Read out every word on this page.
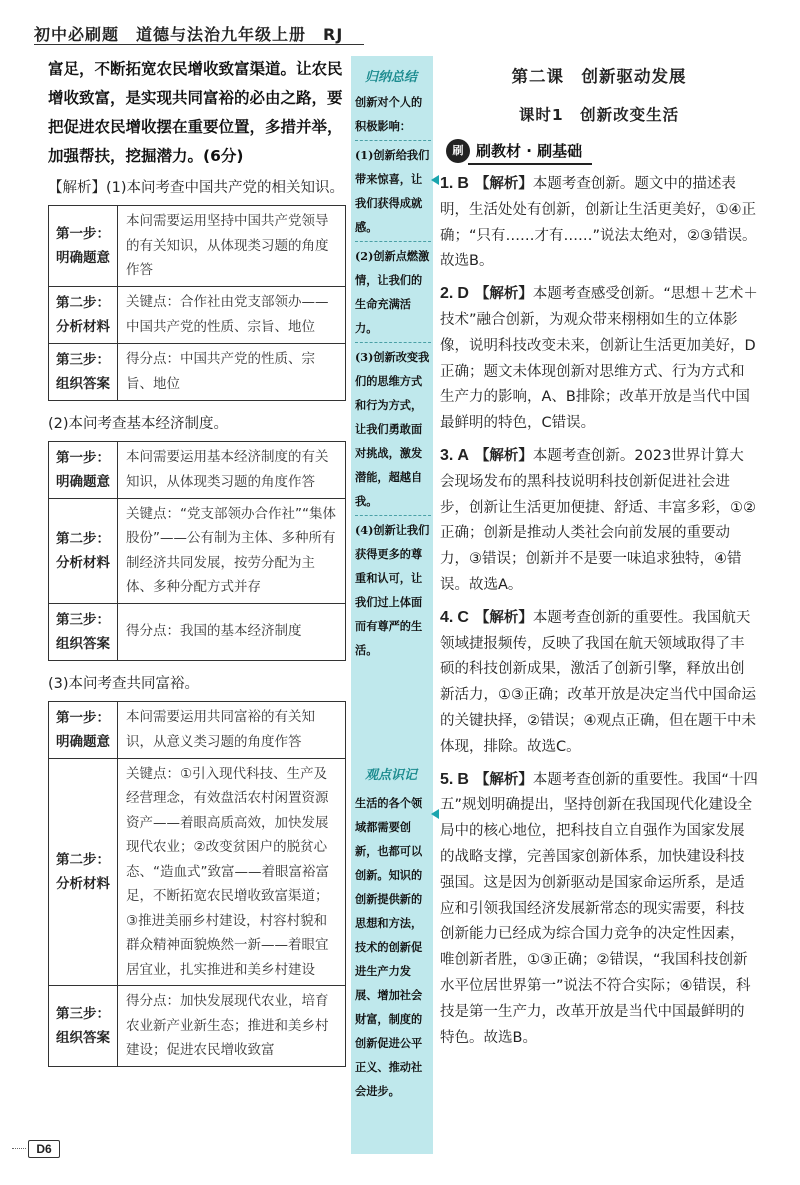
初中必刷题　道德与法治九年级上册　RJ
富足，不断拓宽农民增收致富渠道。让农民增收致富，是实现共同富裕的必由之路，要把促进农民增收摆在重要位置，多措并举，加强帮扶，挖掘潜力。(6分)
【解析】(1)本问考查中国共产党的相关知识。
第一步：
明确题意	本问需要运用坚持中国共产党领导的有关知识，从体现类习题的角度作答

第二步：
分析材料	关键点：合作社由党支部领办——中国共产党的性质、宗旨、地位

第三步：
组织答案	得分点：中国共产党的性质、宗旨、地位
(2)本问考查基本经济制度。
第一步：
明确题意	本问需要运用基本经济制度的有关知识，从体现类习题的角度作答

第二步：
分析材料	关键点：“党支部领办合作社”“集体股份”——公有制为主体、多种所有制经济共同发展，按劳分配为主体、多种分配方式并存

第三步：
组织答案	得分点：我国的基本经济制度
(3)本问考查共同富裕。
第一步：
明确题意	本问需要运用共同富裕的有关知识，从意义类习题的角度作答

第二步：
分析材料	关键点：①引入现代科技、生产及经营理念，有效盘活农村闲置资源资产——着眼高质高效，加快发展现代农业；②改变贫困户的脱贫心态、“造血式”致富——着眼富裕富足，不断拓宽农民增收致富渠道；③推进美丽乡村建设，村容村貌和群众精神面貌焕然一新——着眼宜居宜业，扎实推进和美乡村建设

第三步：
组织答案	得分点：加快发展现代农业，培育农业新产业新生态；推进和美乡村建设；促进农民增收致富
归纳总结
创新对个人的积极影响：
(1)创新给我们带来惊喜，让我们获得成就感。
(2)创新点燃激情，让我们的生命充满活力。
(3)创新改变我们的思维方式和行为方式，让我们勇敢面对挑战，激发潜能，超越自我。
(4)创新让我们获得更多的尊重和认可，让我们过上体面而有尊严的生活。
观点识记
生活的各个领域都需要创新，也都可以创新。知识的创新提供新的思想和方法，技术的创新促进生产力发展、增加社会财富，制度的创新促进公平正义、推动社会进步。
第二课　创新驱动发展
课时1　创新改变生活
刷 刷教材 · 刷基础
1. B 【解析】本题考查创新。题文中的描述表明，生活处处有创新，创新让生活更美好，①④正确；“只有……才有……”说法太绝对，②③错误。故选B。
2. D 【解析】本题考查感受创新。“思想＋艺术＋技术”融合创新，为观众带来栩栩如生的立体影像，说明科技改变未来，创新让生活更加美好，D正确；题文未体现创新对思维方式、行为方式和生产力的影响，A、B排除；改革开放是当代中国最鲜明的特色，C错误。
3. A 【解析】本题考查创新。2023世界计算大会现场发布的黑科技说明科技创新促进社会进步，创新让生活更加便捷、舒适、丰富多彩，①②正确；创新是推动人类社会向前发展的重要动力，③错误；创新并不是要一味追求独特，④错误。故选A。
4. C 【解析】本题考查创新的重要性。我国航天领域捷报频传，反映了我国在航天领域取得了丰硕的科技创新成果，激活了创新引擎，释放出创新活力，①③正确；改革开放是决定当代中国命运的关键抉择，②错误；④观点正确，但在题干中未体现，排除。故选C。
5. B 【解析】本题考查创新的重要性。我国“十四五”规划明确提出，坚持创新在我国现代化建设全局中的核心地位，把科技自立自强作为国家发展的战略支撑，完善国家创新体系，加快建设科技强国。这是因为创新驱动是国家命运所系，是适应和引领我国经济发展新常态的现实需要，科技创新能力已经成为综合国力竞争的决定性因素，唯创新者胜，①③正确；②错误，“我国科技创新水平位居世界第一”说法不符合实际；④错误，科技是第一生产力，改革开放是当代中国最鲜明的特色。故选B。
D6
